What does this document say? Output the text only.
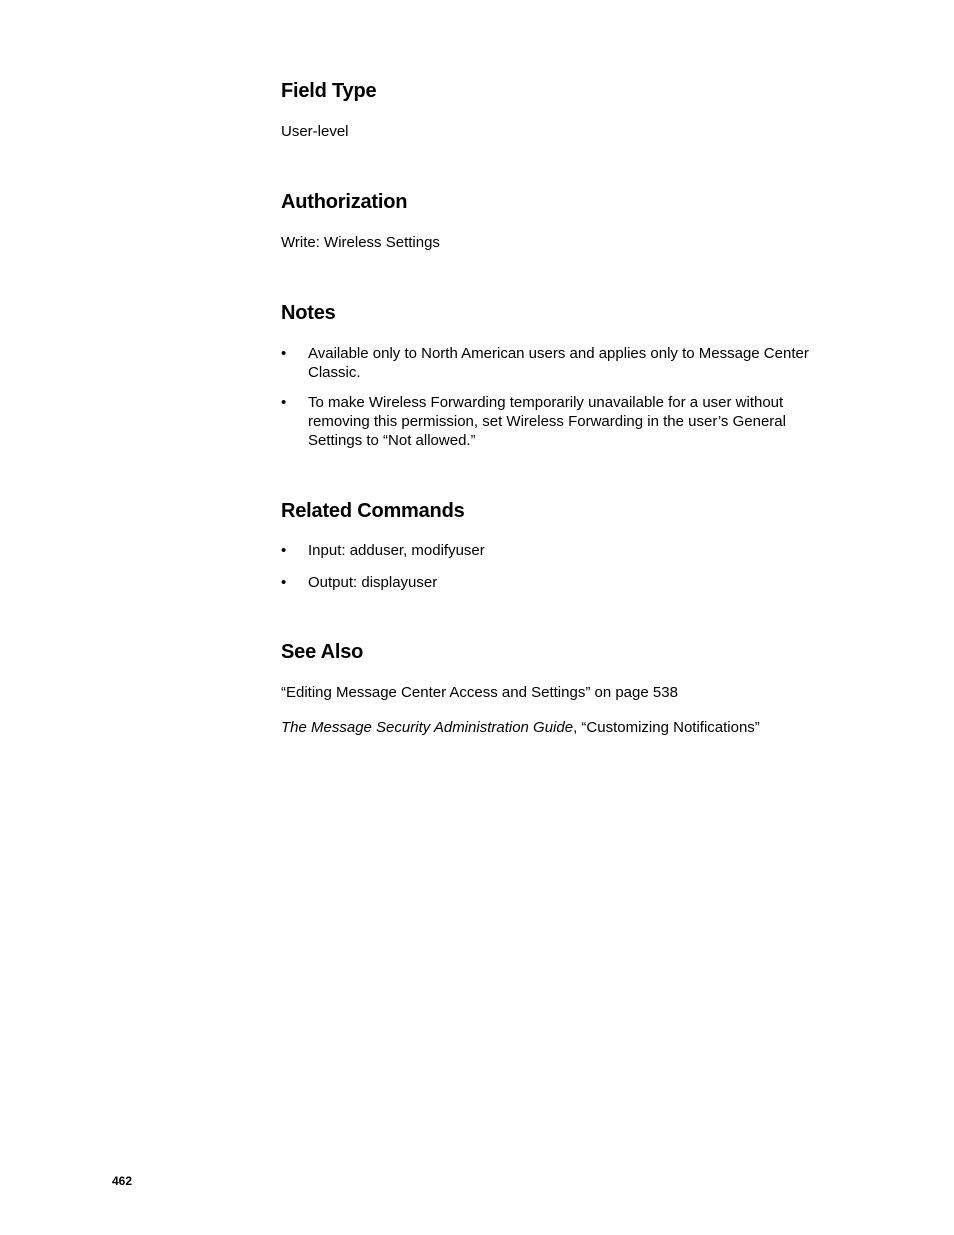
Field Type

User-level

Authorization

Write: Wireless Settings

Notes
•	Available only to North American users and applies only to Message Center
Classic.
•	To make Wireless Forwarding temporarily unavailable for a user without
removing this permission, set Wireless Forwarding in the user’s General
Settings to “Not allowed.”
Related Commands
•	Input: adduser, modifyuser
•	Output: displayuser
See Also

“Editing Message Center Access and Settings” on page 538

The Message Security Administration Guide, “Customizing Notifications”

462
